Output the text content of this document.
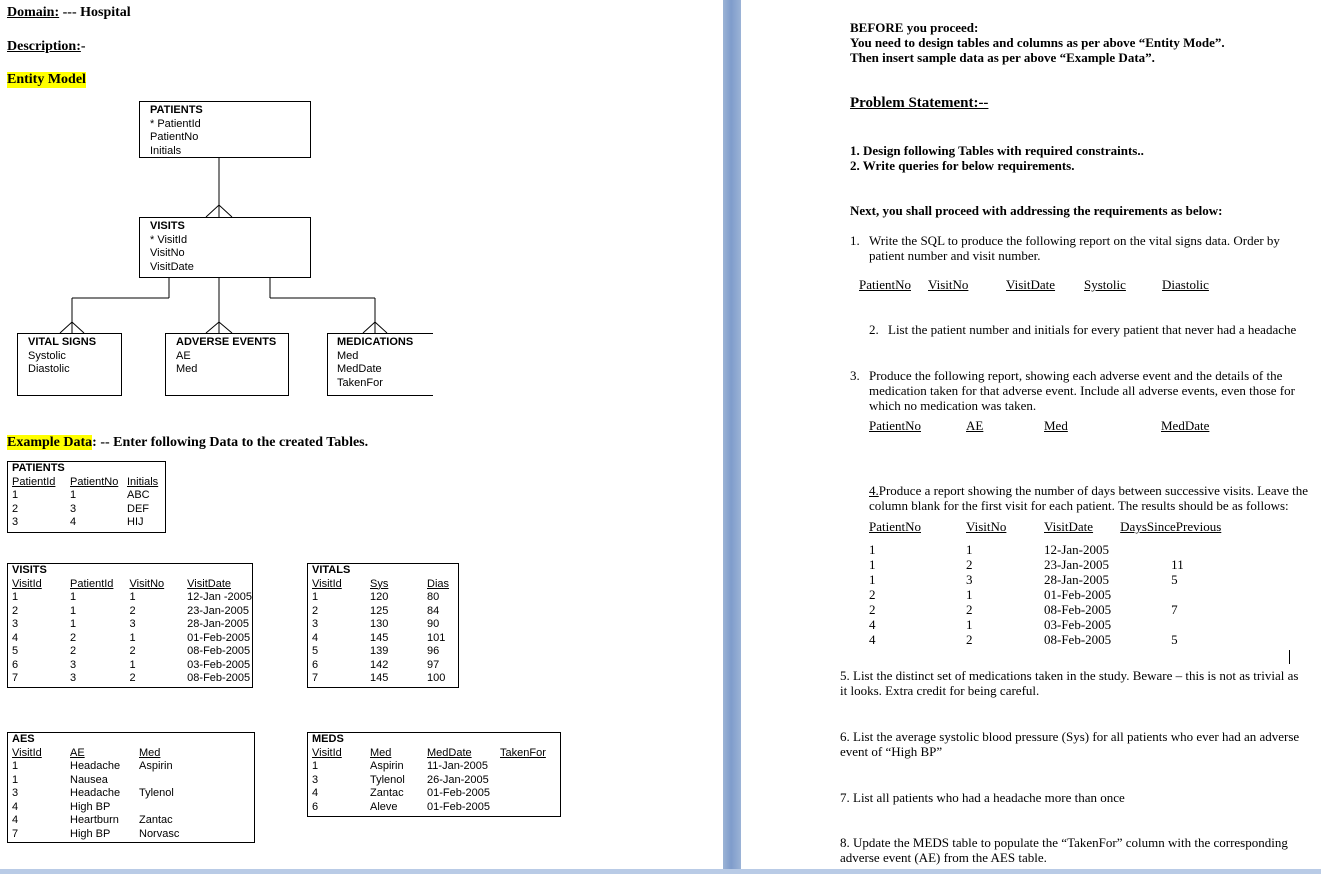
Domain: --- Hospital
Description:-
Entity Model
PATIENTS
* PatientId
PatientNo
Initials
VISITS
* VisitId
VisitNo
VisitDate
VITAL SIGNS
Systolic
Diastolic
ADVERSE EVENTS
AE
Med
MEDICATIONS
Med
MedDate
TakenFor
Example Data: -- Enter following Data to the created Tables.
PATIENTS
PatientId	PatientNo	Initials
1	1	ABC
2	3	DEF
3	4	HIJ
VISITS
VisitId	PatientId	VisitNo	VisitDate
1	1	1	12-Jan -2005
2	1	2	23-Jan-2005
3	1	3	28-Jan-2005
4	2	1	01-Feb-2005
5	2	2	08-Feb-2005
6	3	1	03-Feb-2005
7	3	2	08-Feb-2005
VITALS
VisitId	Sys	Dias
1	120	80
2	125	84
3	130	90
4	145	101
5	139	96
6	142	97
7	145	100
AES
VisitId	AE	Med
1	Headache	Aspirin
1	Nausea	
3	Headache	Tylenol
4	High BP	
4	Heartburn	Zantac
7	High BP	Norvasc
MEDS
VisitId	Med	MedDate	TakenFor
1	Aspirin	11-Jan-2005	
3	Tylenol	26-Jan-2005	
4	Zantac	01-Feb-2005	
6	Aleve	01-Feb-2005	
BEFORE you proceed:
You need to design tables and columns as per above “Entity Mode”.
Then insert sample data as per above “Example Data”.
Problem Statement:--
1. Design following Tables with required constraints..
2. Write queries for below requirements.
Next, you shall proceed with addressing the requirements as below:
1. Write the SQL to produce the following report on the vital signs data. Order by
patient number and visit number.
PatientNo	VisitNo	VisitDate	Systolic	Diastolic
2. List the patient number and initials for every patient that never had a headache
3. Produce the following report, showing each adverse event and the details of the
medication taken for that adverse event. Include all adverse events, even those for
which no medication was taken.
PatientNo	AE	Med	MedDate
4.Produce a report showing the number of days between successive visits. Leave the
column blank for the first visit for each patient. The results should be as follows:
PatientNo	VisitNo	VisitDate	DaysSincePrevious

1	1	12-Jan-2005	
1	2	23-Jan-2005	11
1	3	28-Jan-2005	5
2	1	01-Feb-2005	
2	2	08-Feb-2005	7
4	1	03-Feb-2005	
4	2	08-Feb-2005	5
5. List the distinct set of medications taken in the study. Beware – this is not as trivial as
it looks. Extra credit for being careful.
6. List the average systolic blood pressure (Sys) for all patients who ever had an adverse
event of “High BP”
7. List all patients who had a headache more than once
8. Update the MEDS table to populate the “TakenFor” column with the corresponding
adverse event (AE) from the AES table.
